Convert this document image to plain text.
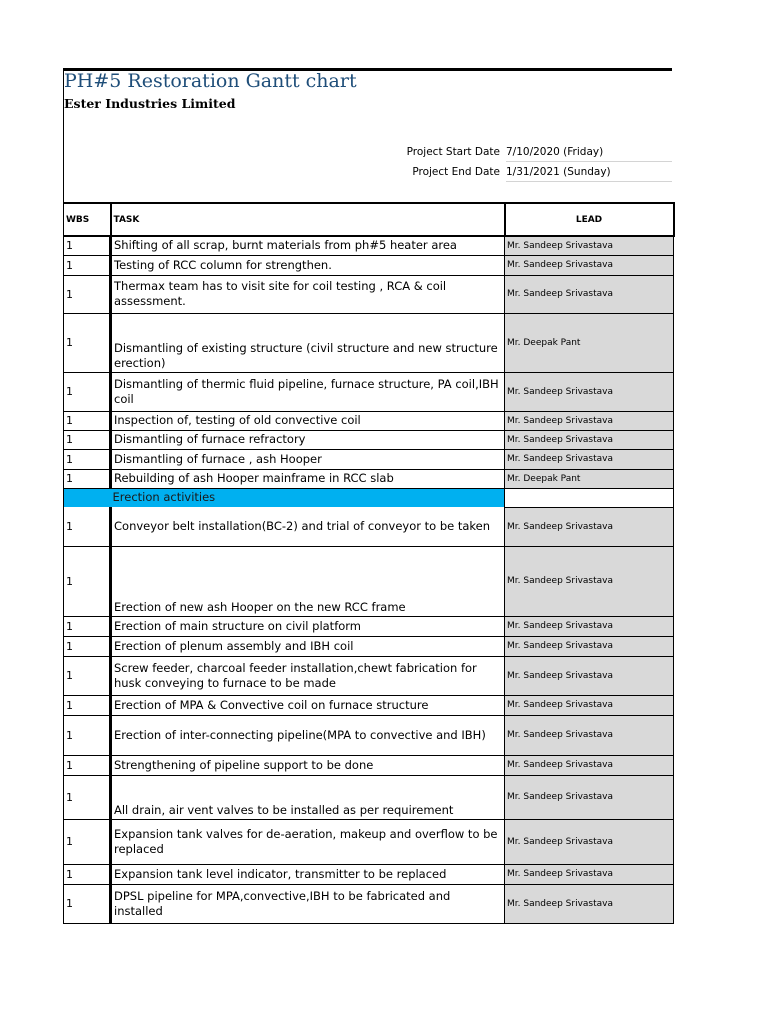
PH#5 Restoration Gantt chart
Ester Industries Limited
Project Start Date 7/10/2020 (Friday)
Project End Date 1/31/2021 (Sunday)
WBS	TASK	LEAD
1	Shifting of all scrap, burnt materials from ph#5 heater area	Mr. Sandeep Srivastava
1	Testing of RCC column for strengthen.	Mr. Sandeep Srivastava
1	Thermax team has to visit site for coil testing , RCA & coil assessment.	Mr. Sandeep Srivastava
1	Dismantling of existing structure (civil structure and new structure erection)	Mr. Deepak Pant
1	Dismantling of thermic fluid pipeline, furnace structure, PA coil,IBH coil	Mr. Sandeep Srivastava
1	Inspection of, testing of old convective coil	Mr. Sandeep Srivastava
1	Dismantling of furnace refractory	Mr. Sandeep Srivastava
1	Dismantling of furnace , ash Hooper	Mr. Sandeep Srivastava
1	Rebuilding of ash Hooper mainframe in RCC slab	Mr. Deepak Pant
	Erection activities	
1	Conveyor belt installation(BC-2) and trial of conveyor to be taken	Mr. Sandeep Srivastava
1	Erection of new ash Hooper on the new RCC frame	Mr. Sandeep Srivastava
1	Erection of main structure on civil platform	Mr. Sandeep Srivastava
1	Erection of plenum assembly and IBH coil	Mr. Sandeep Srivastava
1	Screw feeder, charcoal feeder installation,chewt fabrication for husk conveying to furnace to be made	Mr. Sandeep Srivastava
1	Erection of MPA & Convective coil on furnace structure	Mr. Sandeep Srivastava
1	Erection of inter-connecting pipeline(MPA to convective and IBH)	Mr. Sandeep Srivastava
1	Strengthening of pipeline support to be done	Mr. Sandeep Srivastava
1	All drain, air vent valves to be installed as per requirement	Mr. Sandeep Srivastava
1	Expansion tank valves for de-aeration, makeup and overflow to be replaced	Mr. Sandeep Srivastava
1	Expansion tank level indicator, transmitter to be replaced	Mr. Sandeep Srivastava
1	DPSL pipeline for MPA,convective,IBH to be fabricated and installed	Mr. Sandeep Srivastava
